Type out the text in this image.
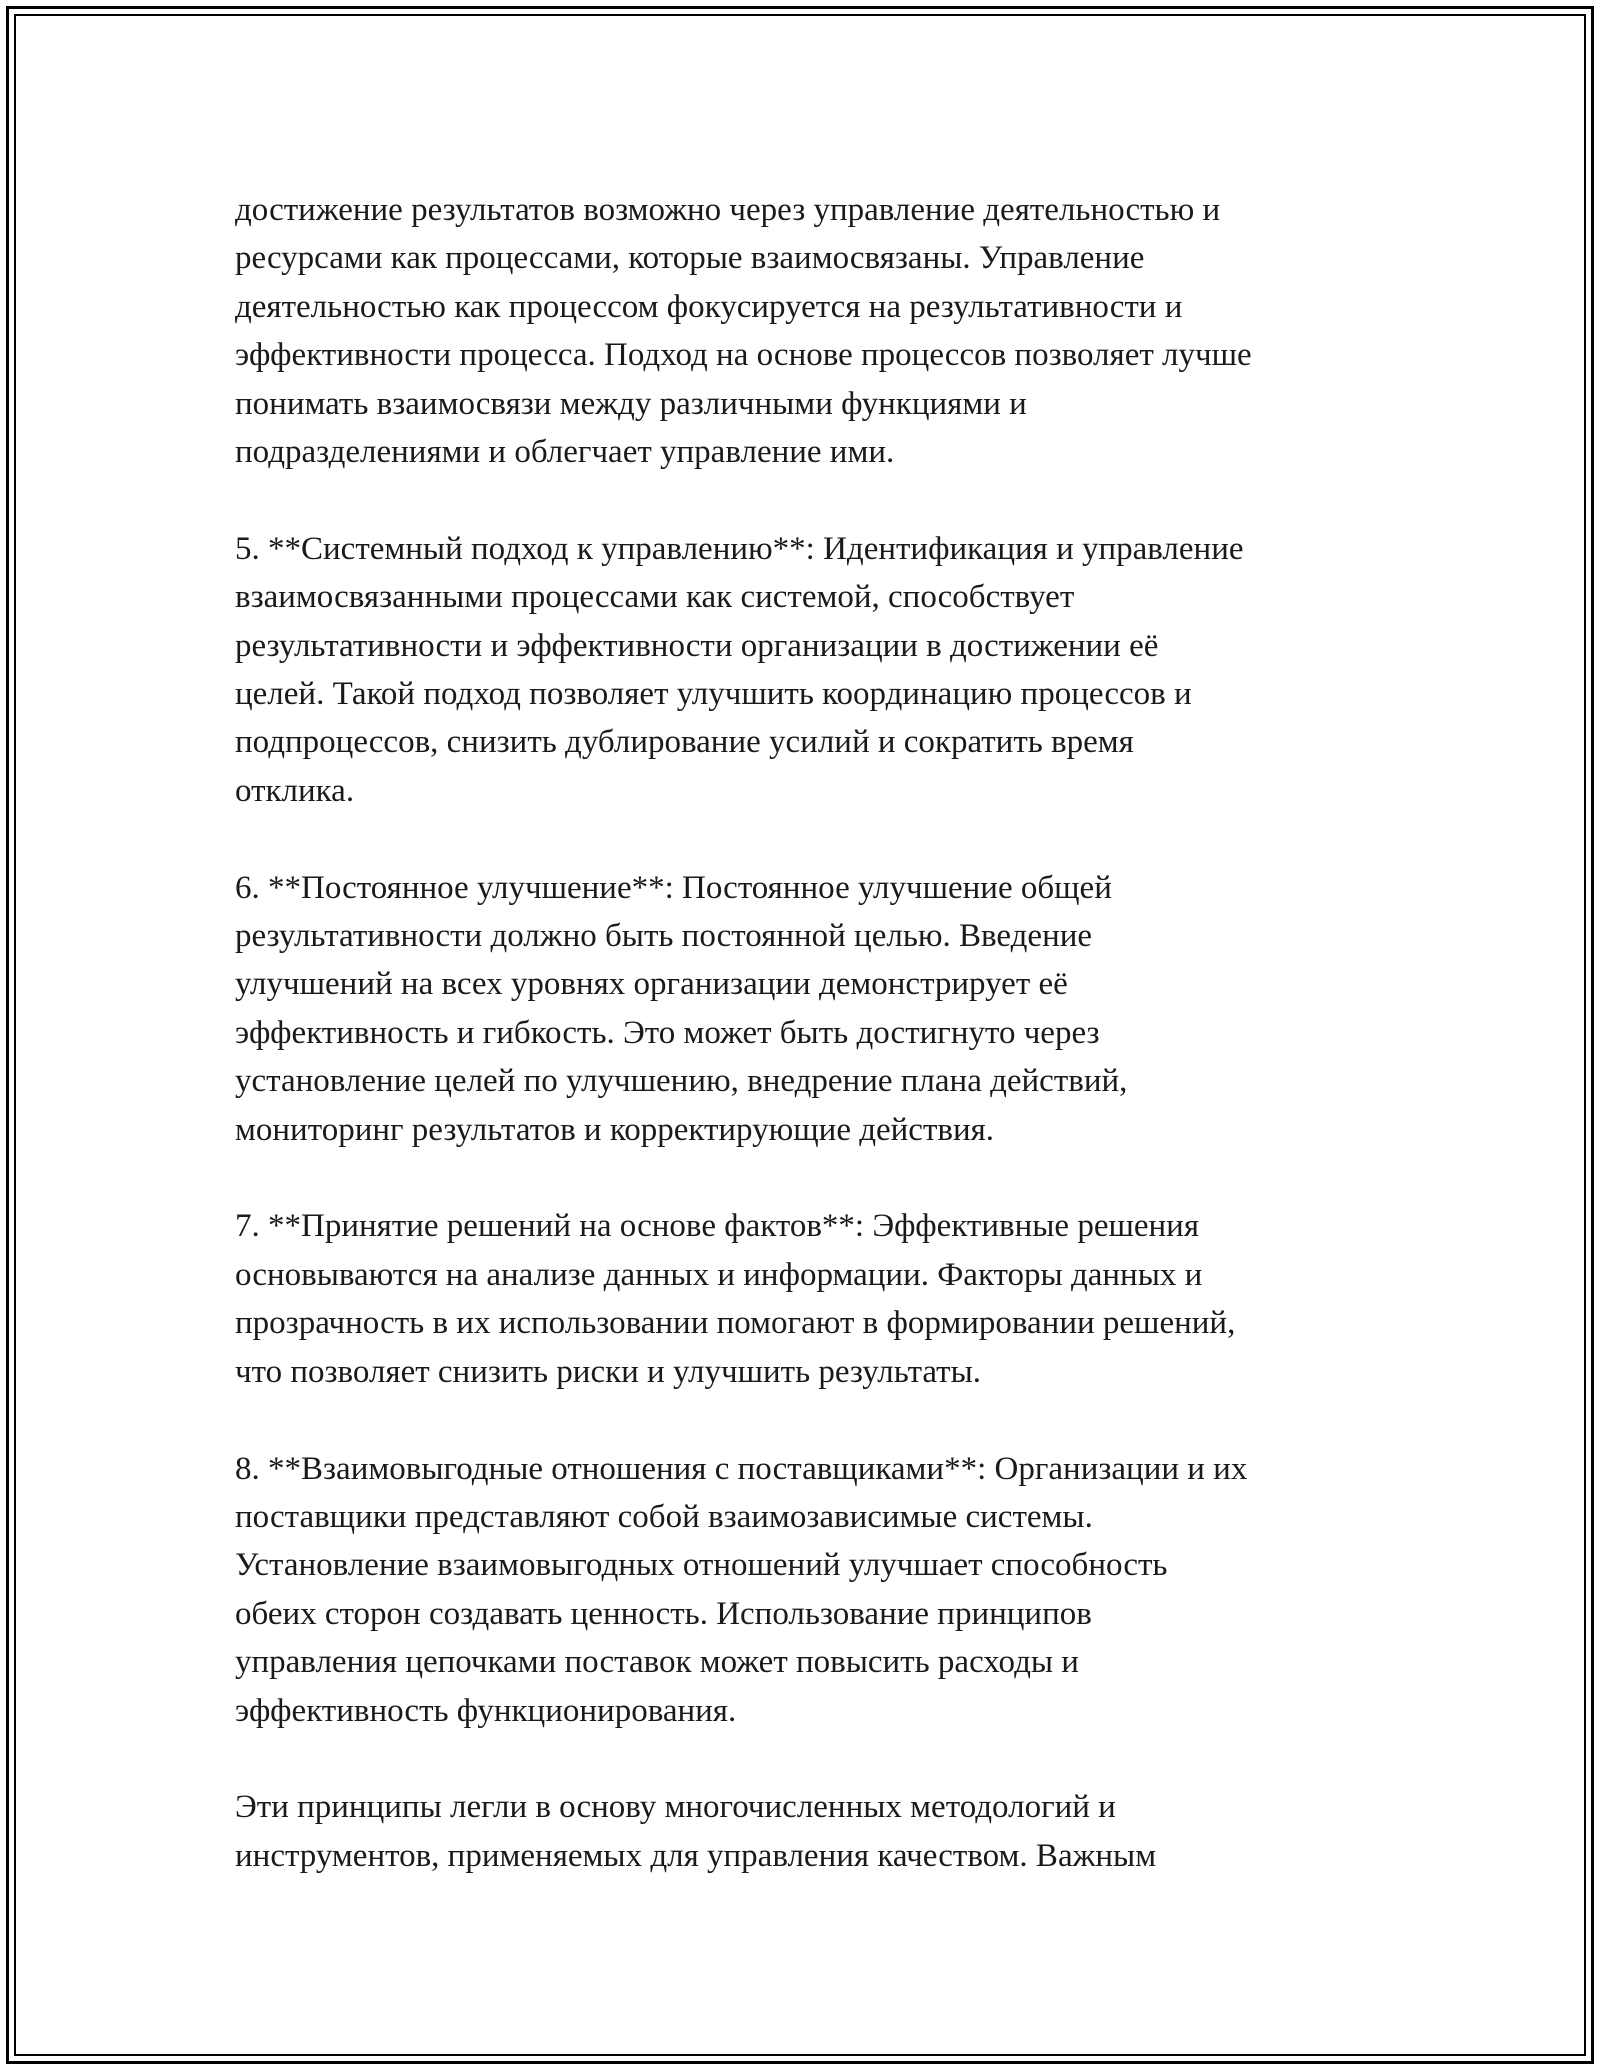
достижение результатов возможно через управление деятельностью и
ресурсами как процессами, которые взаимосвязаны. Управление
деятельностью как процессом фокусируется на результативности и
эффективности процесса. Подход на основе процессов позволяет лучше
понимать взаимосвязи между различными функциями и
подразделениями и облегчает управление ими.

5. **Системный подход к управлению**: Идентификация и управление
взаимосвязанными процессами как системой, способствует
результативности и эффективности организации в достижении её
целей. Такой подход позволяет улучшить координацию процессов и
подпроцессов, снизить дублирование усилий и сократить время
отклика.

6. **Постоянное улучшение**: Постоянное улучшение общей
результативности должно быть постоянной целью. Введение
улучшений на всех уровнях организации демонстрирует её
эффективность и гибкость. Это может быть достигнуто через
установление целей по улучшению, внедрение плана действий,
мониторинг результатов и корректирующие действия.

7. **Принятие решений на основе фактов**: Эффективные решения
основываются на анализе данных и информации. Факторы данных и
прозрачность в их использовании помогают в формировании решений,
что позволяет снизить риски и улучшить результаты.

8. **Взаимовыгодные отношения с поставщиками**: Организации и их
поставщики представляют собой взаимозависимые системы.
Установление взаимовыгодных отношений улучшает способность
обеих сторон создавать ценность. Использование принципов
управления цепочками поставок может повысить расходы и
эффективность функционирования.

Эти принципы легли в основу многочисленных методологий и
инструментов, применяемых для управления качеством. Важным
